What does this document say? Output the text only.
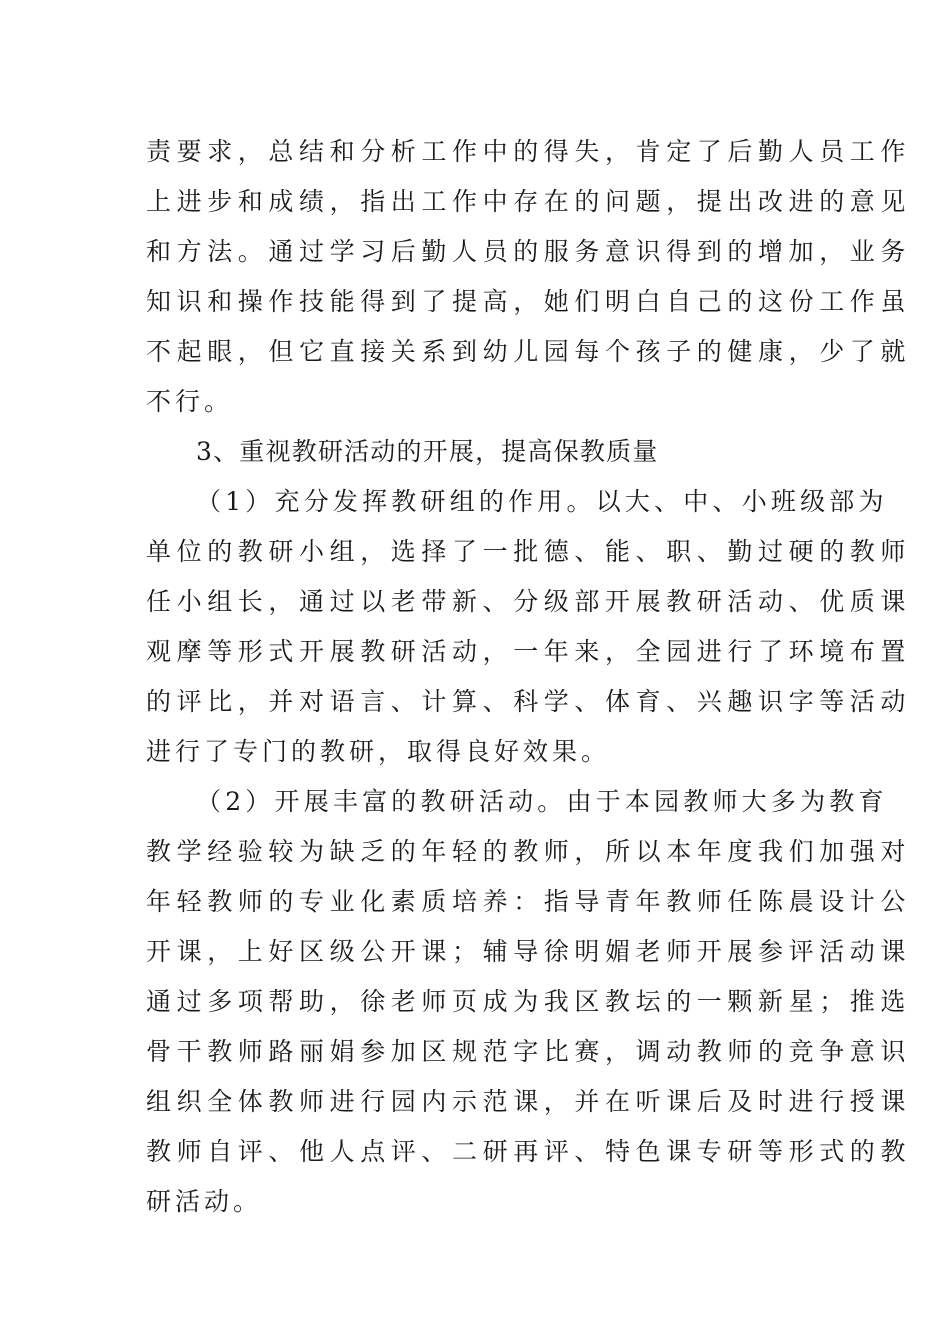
责要求，总结和分析工作中的得失，肯定了后勤人员工作
上进步和成绩，指出工作中存在的问题，提出改进的意见
和方法。通过学习后勤人员的服务意识得到的增加，业务
知识和操作技能得到了提高，她们明白自己的这份工作虽
不起眼，但它直接关系到幼儿园每个孩子的健康，少了就
不行。
3、重视教研活动的开展，提高保教质量
（1）充分发挥教研组的作用。以大、中、小班级部为
单位的教研小组，选择了一批德、能、职、勤过硬的教师
任小组长，通过以老带新、分级部开展教研活动、优质课
观摩等形式开展教研活动，一年来，全园进行了环境布置
的评比，并对语言、计算、科学、体育、兴趣识字等活动
进行了专门的教研，取得良好效果。
（2）开展丰富的教研活动。由于本园教师大多为教育
教学经验较为缺乏的年轻的教师，所以本年度我们加强对
年轻教师的专业化素质培养：指导青年教师任陈晨设计公
开课，上好区级公开课；辅导徐明媚老师开展参评活动课
通过多项帮助，徐老师页成为我区教坛的一颗新星；推选
骨干教师路丽娟参加区规范字比赛，调动教师的竞争意识
组织全体教师进行园内示范课，并在听课后及时进行授课
教师自评、他人点评、二研再评、特色课专研等形式的教
研活动。
